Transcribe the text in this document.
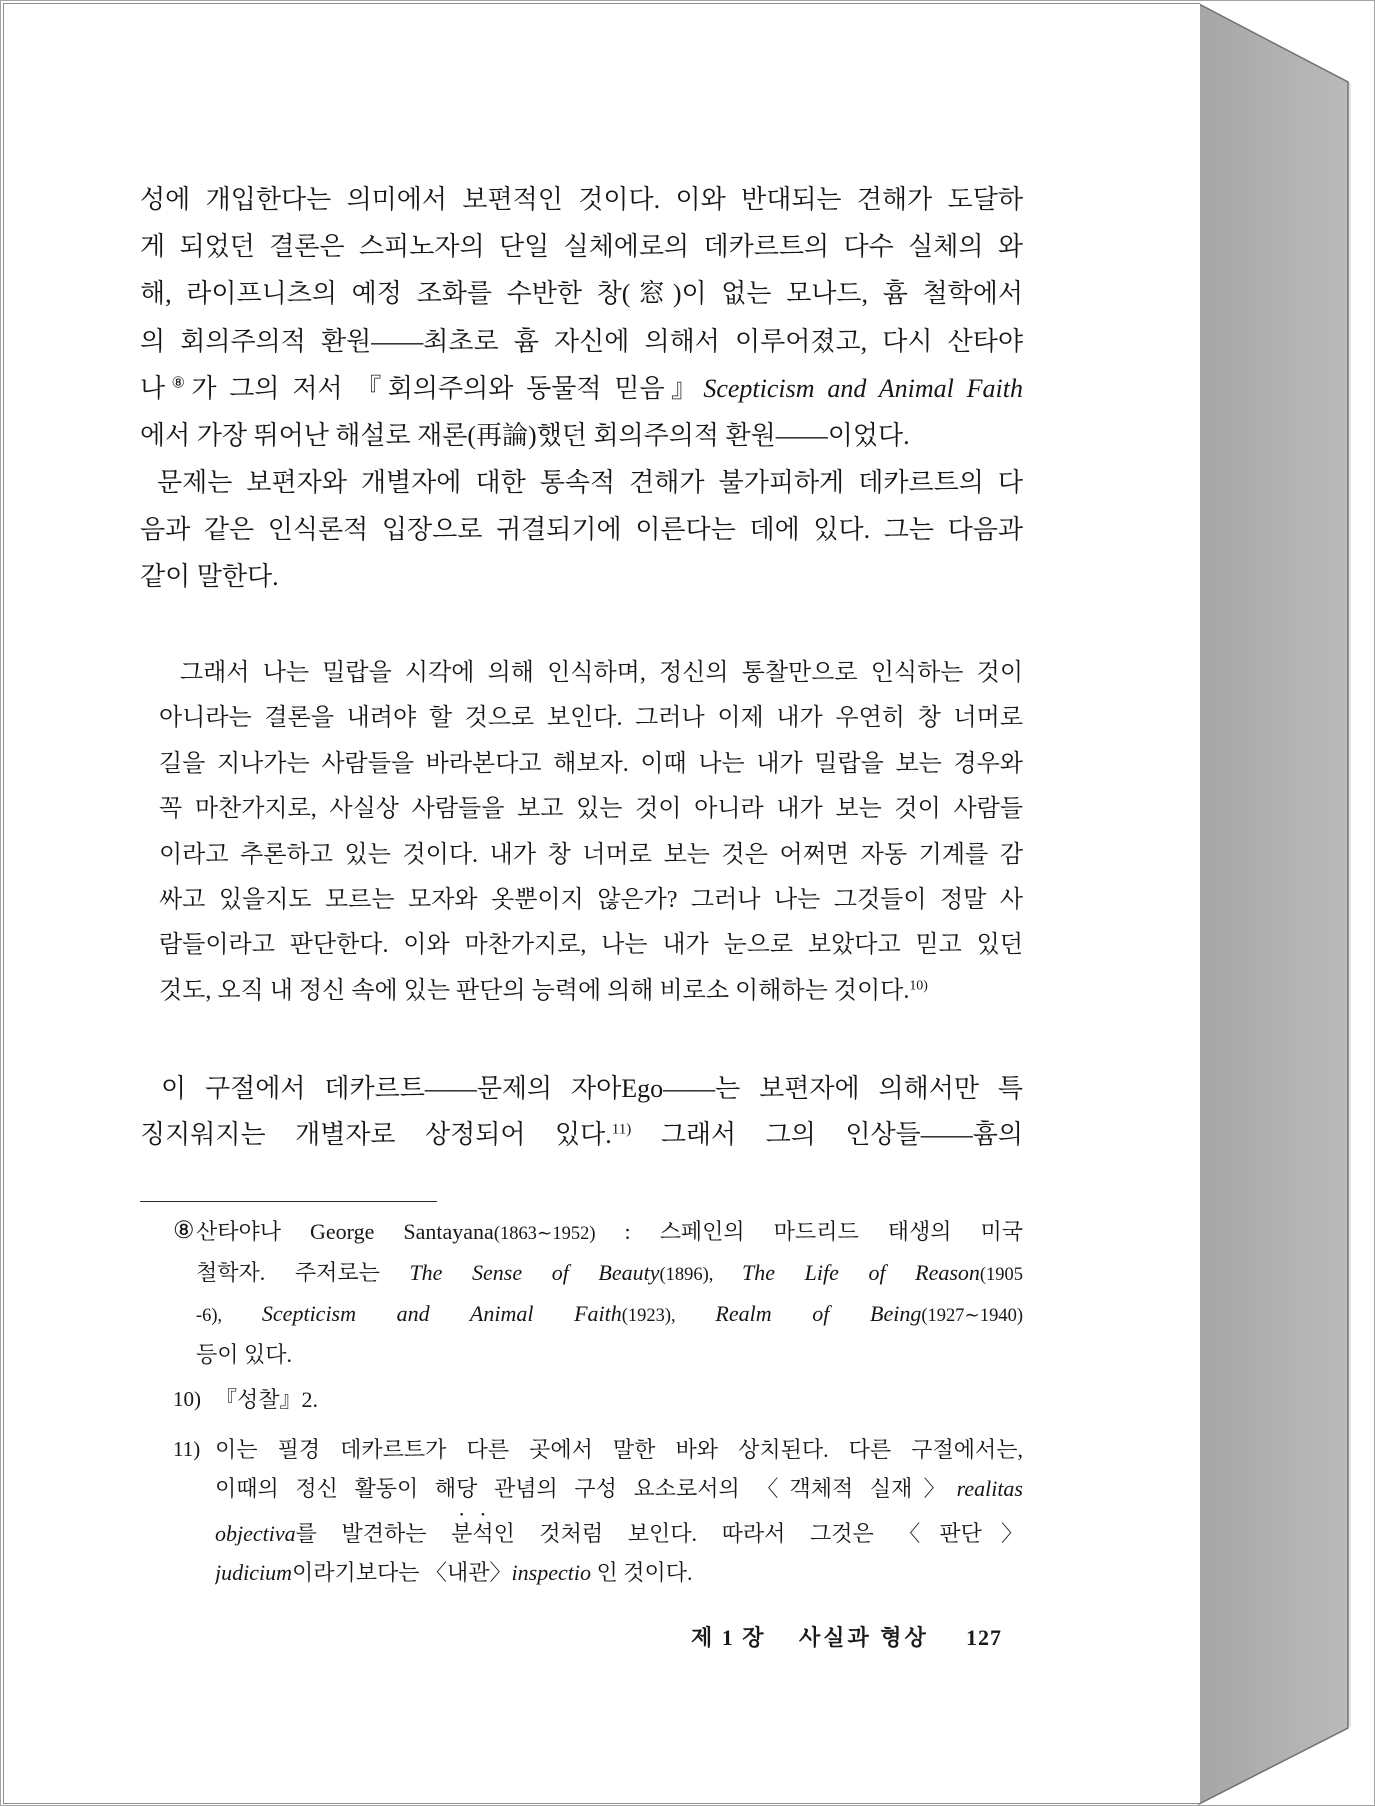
성에 개입한다는 의미에서 보편적인 것이다. 이와 반대되는 견해가 도달하
게 되었던 결론은 스피노자의 단일 실체에로의 데카르트의 다수 실체의 와
해, 라이프니츠의 예정 조화를 수반한 창(窓)이 없는 모나드, 흄 철학에서
의 회의주의적 환원——최초로 흄 자신에 의해서 이루어졌고, 다시 산타야
나⑧가 그의 저서 『회의주의와 동물적 믿음』Scepticism and Animal Faith
에서 가장 뛰어난 해설로 재론(再論)했던 회의주의적 환원——이었다.
문제는 보편자와 개별자에 대한 통속적 견해가 불가피하게 데카르트의 다
음과 같은 인식론적 입장으로 귀결되기에 이른다는 데에 있다. 그는 다음과
같이 말한다.
그래서 나는 밀랍을 시각에 의해 인식하며, 정신의 통찰만으로 인식하는 것이
아니라는 결론을 내려야 할 것으로 보인다. 그러나 이제 내가 우연히 창 너머로
길을 지나가는 사람들을 바라본다고 해보자. 이때 나는 내가 밀랍을 보는 경우와
꼭 마찬가지로, 사실상 사람들을 보고 있는 것이 아니라 내가 보는 것이 사람들
이라고 추론하고 있는 것이다. 내가 창 너머로 보는 것은 어쩌면 자동 기계를 감
싸고 있을지도 모르는 모자와 옷뿐이지 않은가? 그러나 나는 그것들이 정말 사
람들이라고 판단한다. 이와 마찬가지로, 나는 내가 눈으로 보았다고 믿고 있던
것도, 오직 내 정신 속에 있는 판단의 능력에 의해 비로소 이해하는 것이다.$^{10)}$
이 구절에서 데카르트——문제의 자아Ego——는 보편자에 의해서만 특
징지워지는 개별자로 상정되어 있다.$^{11)}$ 그래서 그의 인상들——흄의
⑧ 산타야나 George Santayana(1863∼1952) : 스페인의 마드리드 태생의 미국
철학자. 주저로는 The Sense of Beauty(1896), The Life of Reason(1905
-6), Scepticism and Animal Faith(1923), Realm of Being(1927∼1940)
등이 있다.
10) 『성찰』2.
11) 이는 필경 데카르트가 다른 곳에서 말한 바와 상치된다. 다른 구절에서는,
이때의 정신 활동이 해당 관념의 구성 요소로서의 〈객체적 실재〉realitas
objectiva를 발견하는 분석인 것처럼 보인다. 따라서 그것은 〈판단〉
judicium이라기보다는 〈내관〉inspectio 인 것이다.
제 1 장 사실과 형상 127
